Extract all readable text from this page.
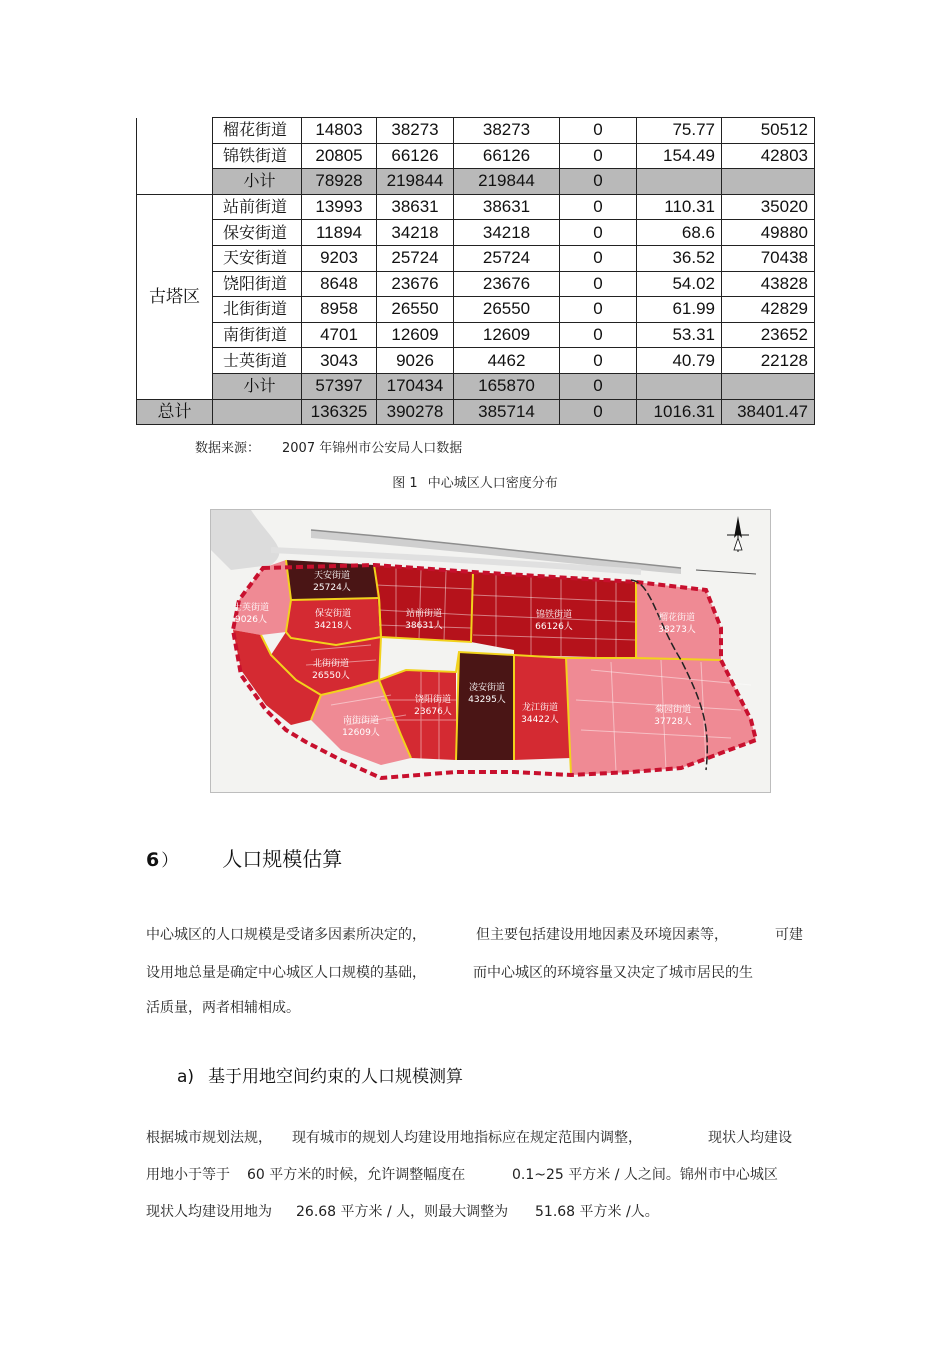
	榴花街道	14803	38273	38273	0	75.77	50512
	锦铁街道	20805	66126	66126	0	154.49	42803
	小计	78928	219844	219844	0		
古塔区	站前街道	13993	38631	38631	0	110.31	35020
	保安街道	11894	34218	34218	0	68.6	49880
	天安街道	9203	25724	25724	0	36.52	70438
	饶阳街道	8648	23676	23676	0	54.02	43828
	北街街道	8958	26550	26550	0	61.99	42829
	南街街道	4701	12609	12609	0	53.31	23652
	士英街道	3043	9026	4462	0	40.79	22128
	小计	57397	170434	165870	0		
总计		136325	390278	385714	0	1016.31	38401.47
数据来源： 2007 年锦州市公安局人口数据
图 1 中心城区人口密度分布
天安街道
25724人
士英街道
9026人
保安街道
34218人
站前街道
38631人
锦铁街道
66126人
榴花街道
38273人
北街街道
26550人
凌安街道
43295人
饶阳街道
23676人
南街街道
12609人
龙江街道
34422人
菊园街道
37728人
6 ） 人口规模估算
中心城区的人口规模是受诸多因素所决定的，	但主要包括建设用地因素及环境因素等，	可建
设用地总量是确定中心城区人口规模的基础，	而中心城区的环境容量又决定了城市居民的生
活质量，两者相辅相成。
a) 基于用地空间约束的人口规模测算
根据城市规划法规， 现有城市的规划人均建设用地指标应在规定范围内调整，	现状人均建设
用地小于等于 60 平方米的时候，允许调整幅度在	0.1~25 平方米 / 人之间。锦州市中心城区
现状人均建设用地为 26.68 平方米 / 人，则最大调整为 51.68 平方米 /人。
